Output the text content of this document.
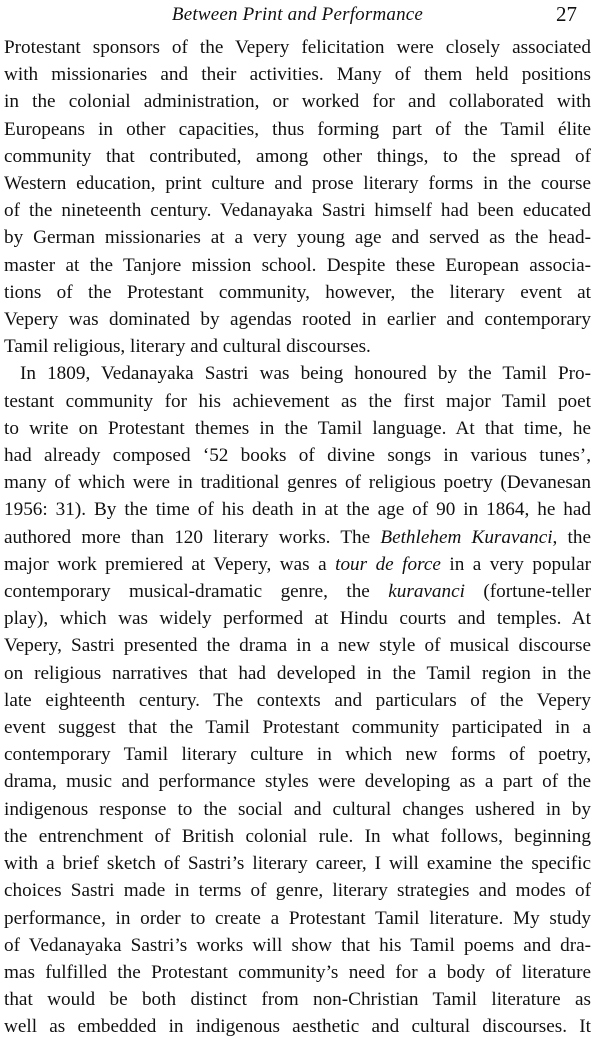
Between Print and Performance	27
Protestant sponsors of the Vepery felicitation were closely associated
with missionaries and their activities. Many of them held positions
in the colonial administration, or worked for and collaborated with
Europeans in other capacities, thus forming part of the Tamil élite
community that contributed, among other things, to the spread of
Western education, print culture and prose literary forms in the course
of the nineteenth century. Vedanayaka Sastri himself had been educated
by German missionaries at a very young age and served as the head-
master at the Tanjore mission school. Despite these European associa-
tions of the Protestant community, however, the literary event at
Vepery was dominated by agendas rooted in earlier and contemporary
Tamil religious, literary and cultural discourses.
In 1809, Vedanayaka Sastri was being honoured by the Tamil Pro-
testant community for his achievement as the first major Tamil poet
to write on Protestant themes in the Tamil language. At that time, he
had already composed ‘52 books of divine songs in various tunes’,
many of which were in traditional genres of religious poetry (Devanesan
1956: 31). By the time of his death in at the age of 90 in 1864, he had
authored more than 120 literary works. The Bethlehem Kuravanci, the
major work premiered at Vepery, was a tour de force in a very popular
contemporary musical-dramatic genre, the kuravanci (fortune-teller
play), which was widely performed at Hindu courts and temples. At
Vepery, Sastri presented the drama in a new style of musical discourse
on religious narratives that had developed in the Tamil region in the
late eighteenth century. The contexts and particulars of the Vepery
event suggest that the Tamil Protestant community participated in a
contemporary Tamil literary culture in which new forms of poetry,
drama, music and performance styles were developing as a part of the
indigenous response to the social and cultural changes ushered in by
the entrenchment of British colonial rule. In what follows, beginning
with a brief sketch of Sastri’s literary career, I will examine the specific
choices Sastri made in terms of genre, literary strategies and modes of
performance, in order to create a Protestant Tamil literature. My study
of Vedanayaka Sastri’s works will show that his Tamil poems and dra-
mas fulfilled the Protestant community’s need for a body of literature
that would be both distinct from non-Christian Tamil literature as
well as embedded in indigenous aesthetic and cultural discourses. It
